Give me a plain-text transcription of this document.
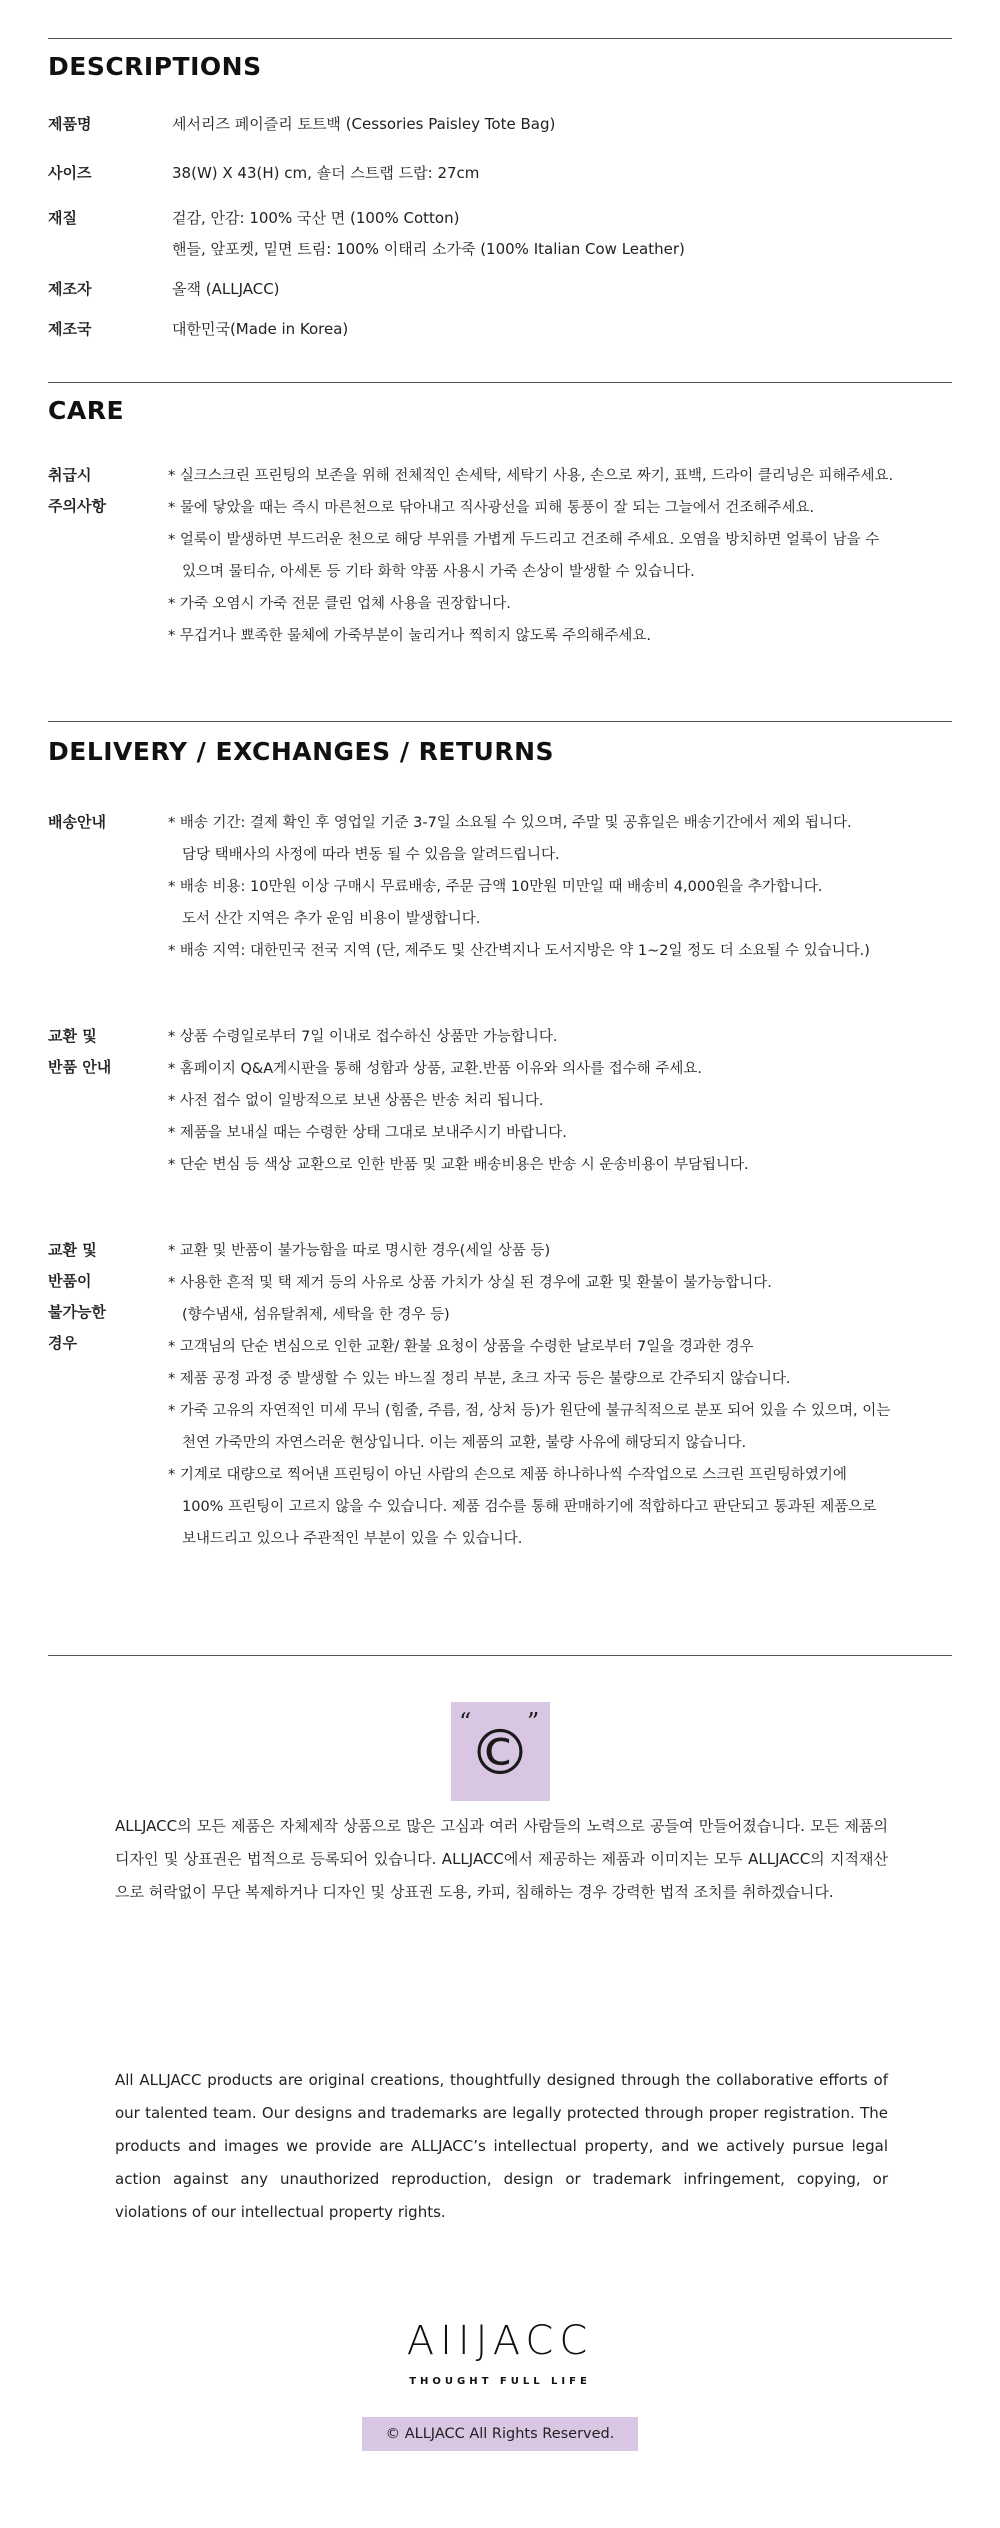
DESCRIPTIONS
제품명	세서리즈 페이즐리 토트백 (Cessories Paisley Tote Bag)
사이즈	38(W) X 43(H) cm, 숄더 스트랩 드랍: 27cm
재질	겉감, 안감: 100% 국산 면 (100% Cotton)
핸들, 앞포켓, 밑면 트림: 100% 이태리 소가죽 (100% Italian Cow Leather)
제조자	올잭 (ALLJACC)
제조국	대한민국(Made in Korea)
CARE
취급시
주의사항
* 실크스크린 프린팅의 보존을 위해 전체적인 손세탁, 세탁기 사용, 손으로 짜기, 표백, 드라이 클리닝은 피해주세요.
* 물에 닿았을 때는 즉시 마른천으로 닦아내고 직사광선을 피해 통풍이 잘 되는 그늘에서 건조해주세요.
* 얼룩이 발생하면 부드러운 천으로 해당 부위를 가볍게 두드리고 건조해 주세요. 오염을 방치하면 얼룩이 남을 수
있으며 물티슈, 아세톤 등 기타 화학 약품 사용시 가죽 손상이 발생할 수 있습니다.
* 가죽 오염시 가죽 전문 클린 업체 사용을 권장합니다.
* 무겁거나 뾰족한 물체에 가죽부분이 눌리거나 찍히지 않도록 주의해주세요.
DELIVERY / EXCHANGES / RETURNS
배송안내	* 배송 기간: 결제 확인 후 영업일 기준 3-7일 소요될 수 있으며, 주말 및 공휴일은 배송기간에서 제외 됩니다.
담당 택배사의 사정에 따라 변동 될 수 있음을 알려드립니다.
* 배송 비용: 10만원 이상 구매시 무료배송, 주문 금액 10만원 미만일 때 배송비 4,000원을 추가합니다.
도서 산간 지역은 추가 운임 비용이 발생합니다.
* 배송 지역: 대한민국 전국 지역 (단, 제주도 및 산간벽지나 도서지방은 약 1~2일 정도 더 소요될 수 있습니다.)
교환 및
반품 안내
* 상품 수령일로부터 7일 이내로 접수하신 상품만 가능합니다.
* 홈페이지 Q&A게시판을 통해 성함과 상품, 교환.반품 이유와 의사를 접수해 주세요.
* 사전 접수 없이 일방적으로 보낸 상품은 반송 처리 됩니다.
* 제품을 보내실 때는 수령한 상태 그대로 보내주시기 바랍니다.
* 단순 변심 등 색상 교환으로 인한 반품 및 교환 배송비용은 반송 시 운송비용이 부담됩니다.
교환 및
반품이
불가능한
경우
* 교환 및 반품이 불가능함을 따로 명시한 경우(세일 상품 등)
* 사용한 흔적 및 택 제거 등의 사유로 상품 가치가 상실 된 경우에 교환 및 환불이 불가능합니다.
(향수냄새, 섬유탈취제, 세탁을 한 경우 등)
* 고객님의 단순 변심으로 인한 교환/ 환불 요청이 상품을 수령한 날로부터 7일을 경과한 경우
* 제품 공정 과정 중 발생할 수 있는 바느질 정리 부분, 초크 자국 등은 불량으로 간주되지 않습니다.
* 가죽 고유의 자연적인 미세 무늬 (힘줄, 주름, 점, 상처 등)가 원단에 불규칙적으로 분포 되어 있을 수 있으며, 이는
천연 가죽만의 자연스러운 현상입니다. 이는 제품의 교환, 불량 사유에 해당되지 않습니다.
* 기계로 대량으로 찍어낸 프린팅이 아닌 사람의 손으로 제품 하나하나씩 수작업으로 스크린 프린팅하였기에
100% 프린팅이 고르지 않을 수 있습니다. 제품 검수를 통해 판매하기에 적합하다고 판단되고 통과된 제품으로
보내드리고 있으나 주관적인 부분이 있을 수 있습니다.
“
©
”
ALLJACC의 모든 제품은 자체제작 상품으로 많은 고심과 여러 사람들의 노력으로 공들여 만들어졌습니다. 모든 제품의 디자인 및 상표권은 법적으로 등록되어 있습니다. ALLJACC에서 제공하는 제품과 이미지는 모두 ALLJACC의 지적재산으로 허락없이 무단 복제하거나 디자인 및 상표권 도용, 카피, 침해하는 경우 강력한 법적 조치를 취하겠습니다.
All ALLJACC products are original creations, thoughtfully designed through the collaborative efforts of our talented team. Our designs and trademarks are legally protected through proper registration. The products and images we provide are ALLJACC’s intellectual property, and we actively pursue legal action against any unauthorized reproduction, design or trademark infringement, copying, or violations of our intellectual property rights.
AIIJACC
THOUGHT FULL LIFE
© ALLJACC All Rights Reserved.
